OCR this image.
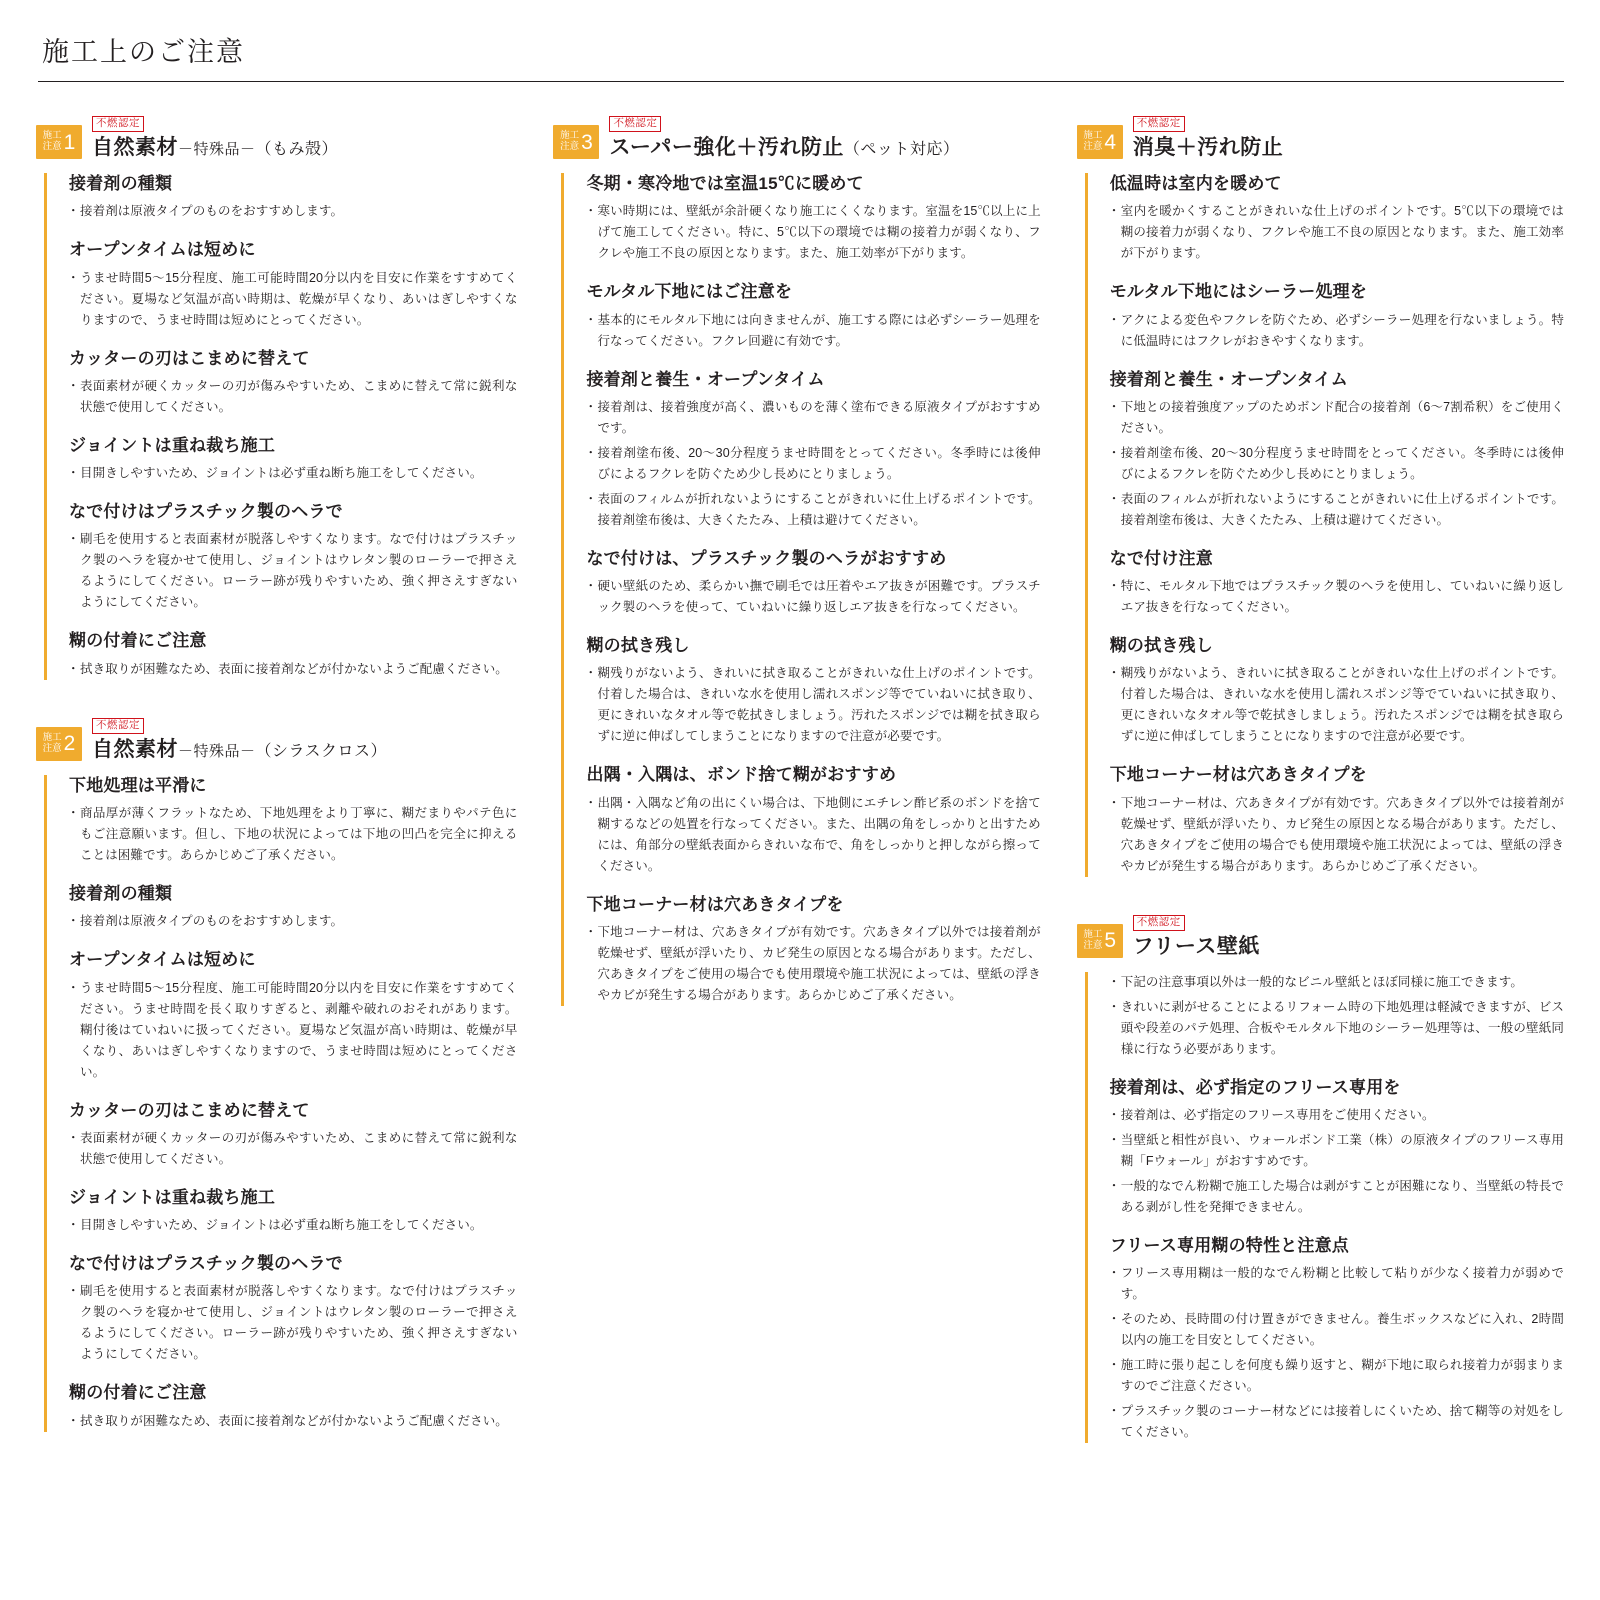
施工上のご注意
施工
注意 1
不燃認定
自然素材－特殊品－（もみ殻）
接着剤の種類
・ 接着剤は原液タイプのものをおすすめします。
オープンタイムは短めに
・ うませ時間5〜15分程度、施工可能時間20分以内を目安に作業をすすめてください。夏場など気温が高い時期は、乾燥が早くなり、あいはぎしやすくなりますので、うませ時間は短めにとってください。
カッターの刃はこまめに替えて
・ 表面素材が硬くカッターの刃が傷みやすいため、こまめに替えて常に鋭利な状態で使用してください。
ジョイントは重ね裁ち施工
・ 目開きしやすいため、ジョイントは必ず重ね断ち施工をしてください。
なで付けはプラスチック製のヘラで
・ 刷毛を使用すると表面素材が脱落しやすくなります。なで付けはプラスチック製のヘラを寝かせて使用し、ジョイントはウレタン製のローラーで押さえるようにしてください。ローラー跡が残りやすいため、強く押さえすぎないようにしてください。
糊の付着にご注意
・ 拭き取りが困難なため、表面に接着剤などが付かないようご配慮ください。
施工
注意 2
不燃認定
自然素材－特殊品－（シラスクロス）
下地処理は平滑に
・ 商品厚が薄くフラットなため、下地処理をより丁寧に、糊だまりやパテ色にもご注意願います。但し、下地の状況によっては下地の凹凸を完全に抑えることは困難です。あらかじめご了承ください。
接着剤の種類
・ 接着剤は原液タイプのものをおすすめします。
オープンタイムは短めに
・ うませ時間5〜15分程度、施工可能時間20分以内を目安に作業をすすめてください。うませ時間を長く取りすぎると、剥離や破れのおそれがあります。糊付後はていねいに扱ってください。夏場など気温が高い時期は、乾燥が早くなり、あいはぎしやすくなりますので、うませ時間は短めにとってください。
カッターの刃はこまめに替えて
・ 表面素材が硬くカッターの刃が傷みやすいため、こまめに替えて常に鋭利な状態で使用してください。
ジョイントは重ね裁ち施工
・ 目開きしやすいため、ジョイントは必ず重ね断ち施工をしてください。
なで付けはプラスチック製のヘラで
・ 刷毛を使用すると表面素材が脱落しやすくなります。なで付けはプラスチック製のヘラを寝かせて使用し、ジョイントはウレタン製のローラーで押さえるようにしてください。ローラー跡が残りやすいため、強く押さえすぎないようにしてください。
糊の付着にご注意
・ 拭き取りが困難なため、表面に接着剤などが付かないようご配慮ください。
施工
注意 3
不燃認定
スーパー強化＋汚れ防止（ペット対応）
冬期・寒冷地では室温15℃に暖めて
・ 寒い時期には、壁紙が余計硬くなり施工にくくなります。室温を15℃以上に上げて施工してください。特に、5℃以下の環境では糊の接着力が弱くなり、フクレや施工不良の原因となります。また、施工効率が下がります。
モルタル下地にはご注意を
・ 基本的にモルタル下地には向きませんが、施工する際には必ずシーラー処理を行なってください。フクレ回避に有効です。
接着剤と養生・オープンタイム
・ 接着剤は、接着強度が高く、濃いものを薄く塗布できる原液タイプがおすすめです。
・ 接着剤塗布後、20〜30分程度うませ時間をとってください。冬季時には後伸びによるフクレを防ぐため少し長めにとりましょう。
・ 表面のフィルムが折れないようにすることがきれいに仕上げるポイントです。接着剤塗布後は、大きくたたみ、上積は避けてください。
なで付けは、プラスチック製のヘラがおすすめ
・ 硬い壁紙のため、柔らかい撫で刷毛では圧着やエア抜きが困難です。プラスチック製のヘラを使って、ていねいに繰り返しエア抜きを行なってください。
糊の拭き残し
・ 糊残りがないよう、きれいに拭き取ることがきれいな仕上げのポイントです。付着した場合は、きれいな水を使用し濡れスポンジ等でていねいに拭き取り、更にきれいなタオル等で乾拭きしましょう。汚れたスポンジでは糊を拭き取らずに逆に伸ばしてしまうことになりますので注意が必要です。
出隅・入隅は、ボンド捨て糊がおすすめ
・ 出隅・入隅など角の出にくい場合は、下地側にエチレン酢ビ系のボンドを捨て糊するなどの処置を行なってください。また、出隅の角をしっかりと出すためには、角部分の壁紙表面からきれいな布で、角をしっかりと押しながら擦ってください。
下地コーナー材は穴あきタイプを
・ 下地コーナー材は、穴あきタイプが有効です。穴あきタイプ以外では接着剤が乾燥せず、壁紙が浮いたり、カビ発生の原因となる場合があります。ただし、穴あきタイプをご使用の場合でも使用環境や施工状況によっては、壁紙の浮きやカビが発生する場合があります。あらかじめご了承ください。
施工
注意 4
不燃認定
消臭＋汚れ防止
低温時は室内を暖めて
・ 室内を暖かくすることがきれいな仕上げのポイントです。5℃以下の環境では糊の接着力が弱くなり、フクレや施工不良の原因となります。また、施工効率が下がります。
モルタル下地にはシーラー処理を
・ アクによる変色やフクレを防ぐため、必ずシーラー処理を行ないましょう。特に低温時にはフクレがおきやすくなります。
接着剤と養生・オープンタイム
・ 下地との接着強度アップのためボンド配合の接着剤（6〜7割希釈）をご使用ください。
・ 接着剤塗布後、20〜30分程度うませ時間をとってください。冬季時には後伸びによるフクレを防ぐため少し長めにとりましょう。
・ 表面のフィルムが折れないようにすることがきれいに仕上げるポイントです。接着剤塗布後は、大きくたたみ、上積は避けてください。
なで付け注意
・ 特に、モルタル下地ではプラスチック製のヘラを使用し、ていねいに繰り返しエア抜きを行なってください。
糊の拭き残し
・ 糊残りがないよう、きれいに拭き取ることがきれいな仕上げのポイントです。付着した場合は、きれいな水を使用し濡れスポンジ等でていねいに拭き取り、更にきれいなタオル等で乾拭きしましょう。汚れたスポンジでは糊を拭き取らずに逆に伸ばしてしまうことになりますので注意が必要です。
下地コーナー材は穴あきタイプを
・ 下地コーナー材は、穴あきタイプが有効です。穴あきタイプ以外では接着剤が乾燥せず、壁紙が浮いたり、カビ発生の原因となる場合があります。ただし、穴あきタイプをご使用の場合でも使用環境や施工状況によっては、壁紙の浮きやカビが発生する場合があります。あらかじめご了承ください。
施工
注意 5
不燃認定
フリース壁紙
・ 下記の注意事項以外は一般的なビニル壁紙とほぼ同様に施工できます。
・ きれいに剥がせることによるリフォーム時の下地処理は軽減できますが、ビス頭や段差のパテ処理、合板やモルタル下地のシーラー処理等は、一般の壁紙同様に行なう必要があります。
接着剤は、必ず指定のフリース専用を
・ 接着剤は、必ず指定のフリース専用をご使用ください。
・ 当壁紙と相性が良い、ウォールボンド工業（株）の原液タイプのフリース専用糊「Fウォール」がおすすめです。
・ 一般的なでん粉糊で施工した場合は剥がすことが困難になり、当壁紙の特長である剥がし性を発揮できません。
フリース専用糊の特性と注意点
・ フリース専用糊は一般的なでん粉糊と比較して粘りが少なく接着力が弱めです。
・ そのため、長時間の付け置きができません。養生ボックスなどに入れ、2時間以内の施工を目安としてください。
・ 施工時に張り起こしを何度も繰り返すと、糊が下地に取られ接着力が弱まりますのでご注意ください。
・ プラスチック製のコーナー材などには接着しにくいため、捨て糊等の対処をしてください。
